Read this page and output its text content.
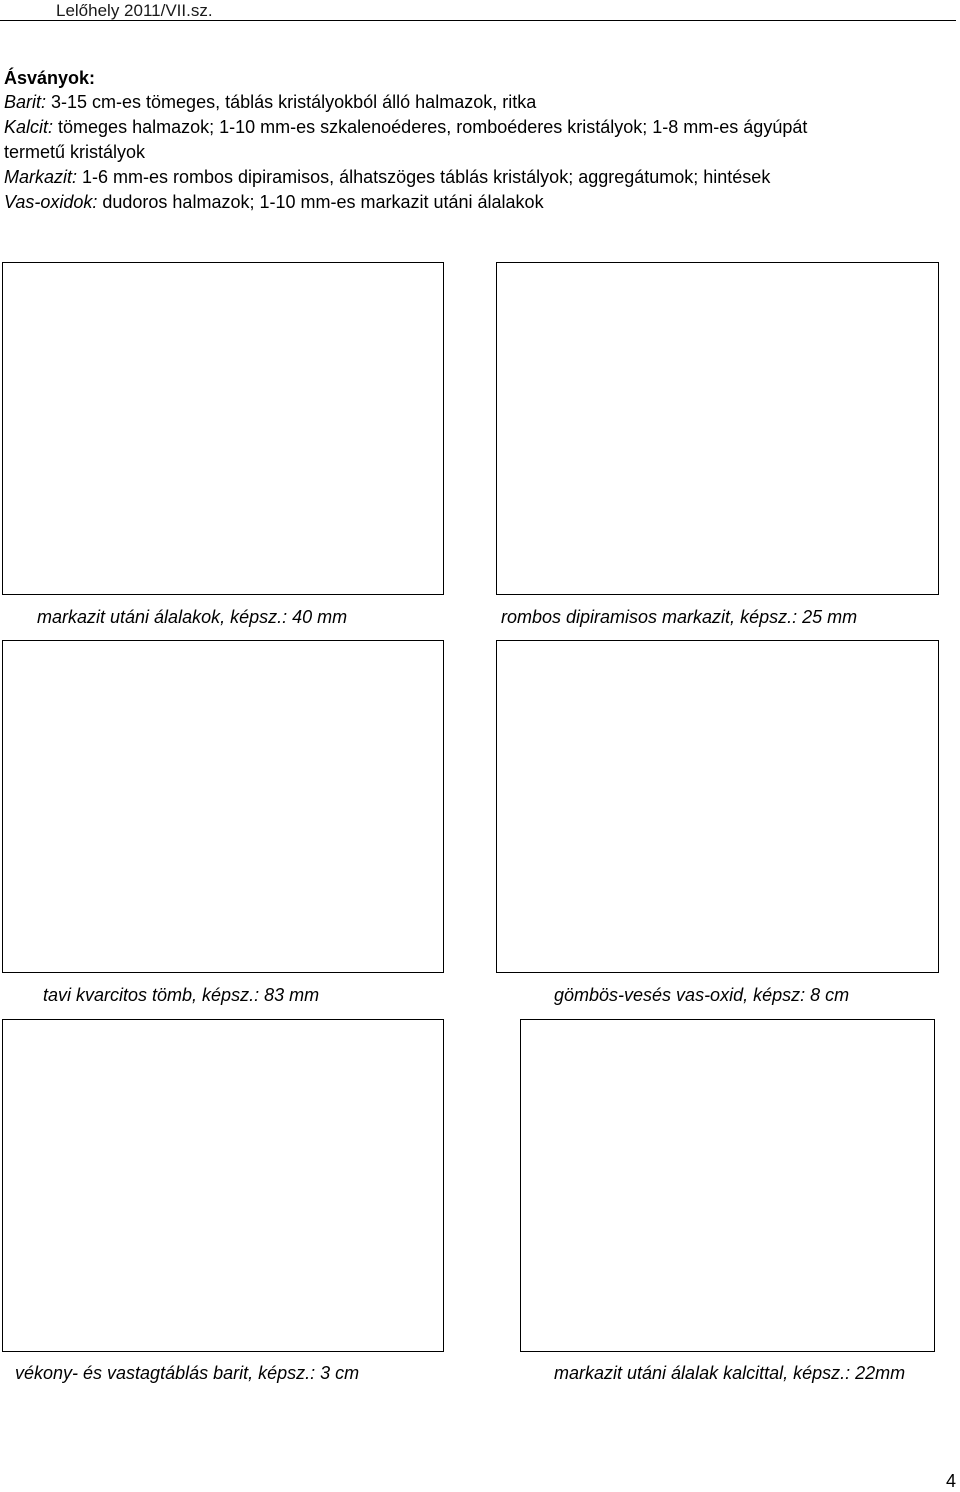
Lelőhely 2011/VII.sz.
Ásványok:
Barit: 3-15 cm-es tömeges, táblás kristályokból álló halmazok, ritka
Kalcit: tömeges halmazok; 1-10 mm-es szkalenoéderes, romboéderes kristályok; 1-8 mm-es ágyúpát
termetű kristályok
Markazit: 1-6 mm-es rombos dipiramisos, álhatszöges táblás kristályok; aggregátumok; hintések
Vas-oxidok: dudoros halmazok; 1-10 mm-es markazit utáni álalakok
markazit utáni álalakok, képsz.: 40 mm	rombos dipiramisos markazit, képsz.: 25 mm
tavi kvarcitos tömb, képsz.: 83 mm	gömbös-vesés vas-oxid, képsz: 8 cm
vékony- és vastagtáblás barit, képsz.: 3 cm	markazit utáni álalak kalcittal, képsz.: 22mm
4
